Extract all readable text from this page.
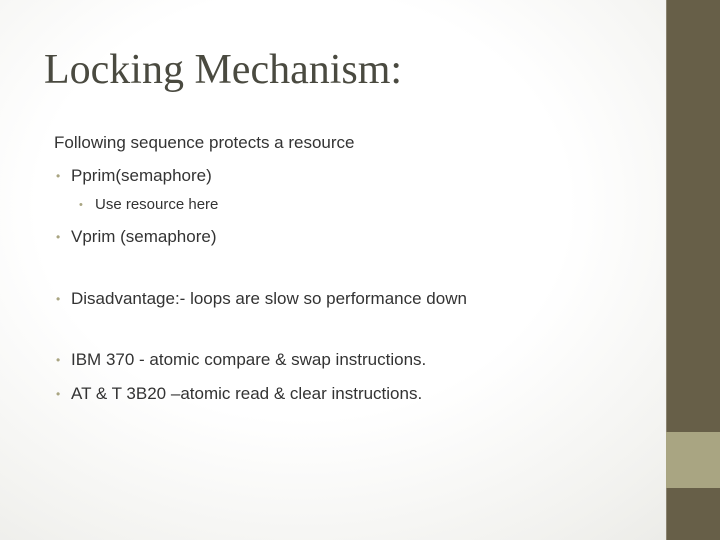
Locking Mechanism:
Following sequence protects a resource
• Pprim(semaphore)
• Use resource here
• Vprim (semaphore)
• Disadvantage:- loops are slow so performance down
• IBM 370 - atomic compare & swap instructions.
• AT & T 3B20 –atomic read & clear instructions.
